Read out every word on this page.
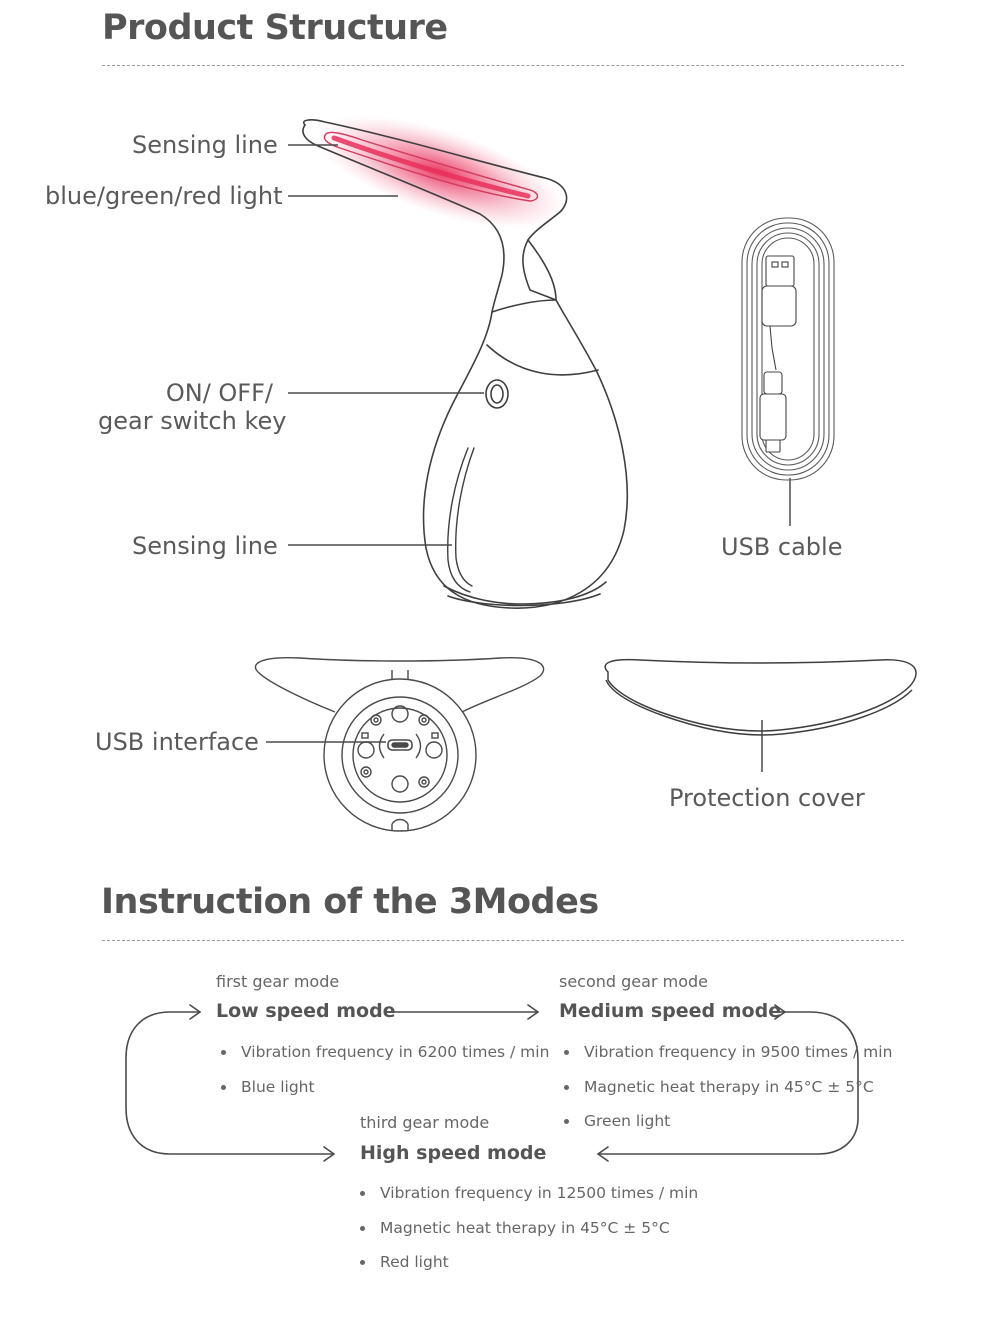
Product Structure
Instruction of the 3Modes
Sensing line
blue/green/red light
ON/ OFF/
gear switch key
Sensing line	USB cable
USB interface
Protection cover
first gear mode
Low speed mode
Vibration frequency in 6200 times / min
Blue light
second gear mode
Medium speed mode
Vibration frequency in 9500 times / min
Magnetic heat therapy in 45°C ± 5°C
Green light
third gear mode
High speed mode
Vibration frequency in 12500 times / min
Magnetic heat therapy in 45°C ± 5°C
Red light
